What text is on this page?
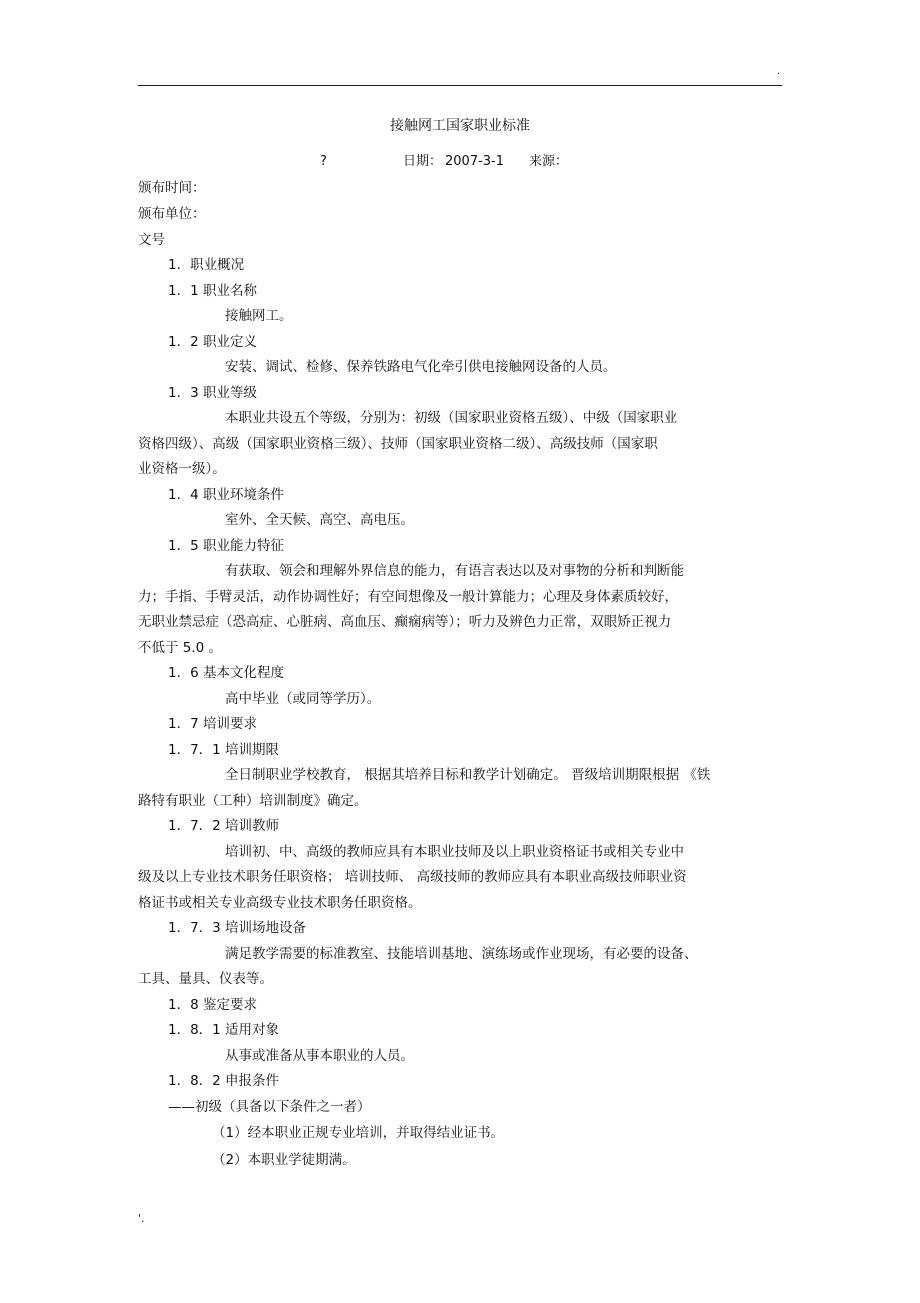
.
接触网工国家职业标准
?	日期： 2007-3-1 来源：
颁布时间：
颁布单位：
文号
1．职业概况
1．1 职业名称
接触网工。
1．2 职业定义
安装、调试、检修、保养铁路电气化牵引供电接触网设备的人员。
1．3 职业等级
本职业共设五个等级，分别为：初级（国家职业资格五级）、中级（国家职业
资格四级）、高级（国家职业资格三级）、技师（国家职业资格二级）、高级技师（国家职
业资格一级）。
1．4 职业环境条件
室外、全天候、高空、高电压。
1．5 职业能力特征
有获取、领会和理解外界信息的能力，有语言表达以及对事物的分析和判断能
力；手指、手臂灵活，动作协调性好；有空间想像及一般计算能力；心理及身体素质较好，
无职业禁忌症（恐高症、心脏病、高血压、癫痫病等）；听力及辨色力正常，双眼矫正视力
不低于 5.0 。
1．6 基本文化程度
高中毕业（或同等学历）。
1．7 培训要求
1．7．1 培训期限
全日制职业学校教育， 根据其培养目标和教学计划确定。 晋级培训期限根据 《铁
路特有职业（工种）培训制度》确定。
1．7．2 培训教师
培训初、中、高级的教师应具有本职业技师及以上职业资格证书或相关专业中
级及以上专业技术职务任职资格； 培训技师、 高级技师的教师应具有本职业高级技师职业资
格证书或相关专业高级专业技术职务任职资格。
1．7．3 培训场地设备
满足教学需要的标准教室、技能培训基地、演练场或作业现场，有必要的设备、
工具、量具、仪表等。
1．8 鉴定要求
1．8．1 适用对象
从事或准备从事本职业的人员。
1．8．2 申报条件
——初级（具备以下条件之一者）
（1）经本职业正规专业培训，并取得结业证书。
（2）本职业学徒期满。
'.
